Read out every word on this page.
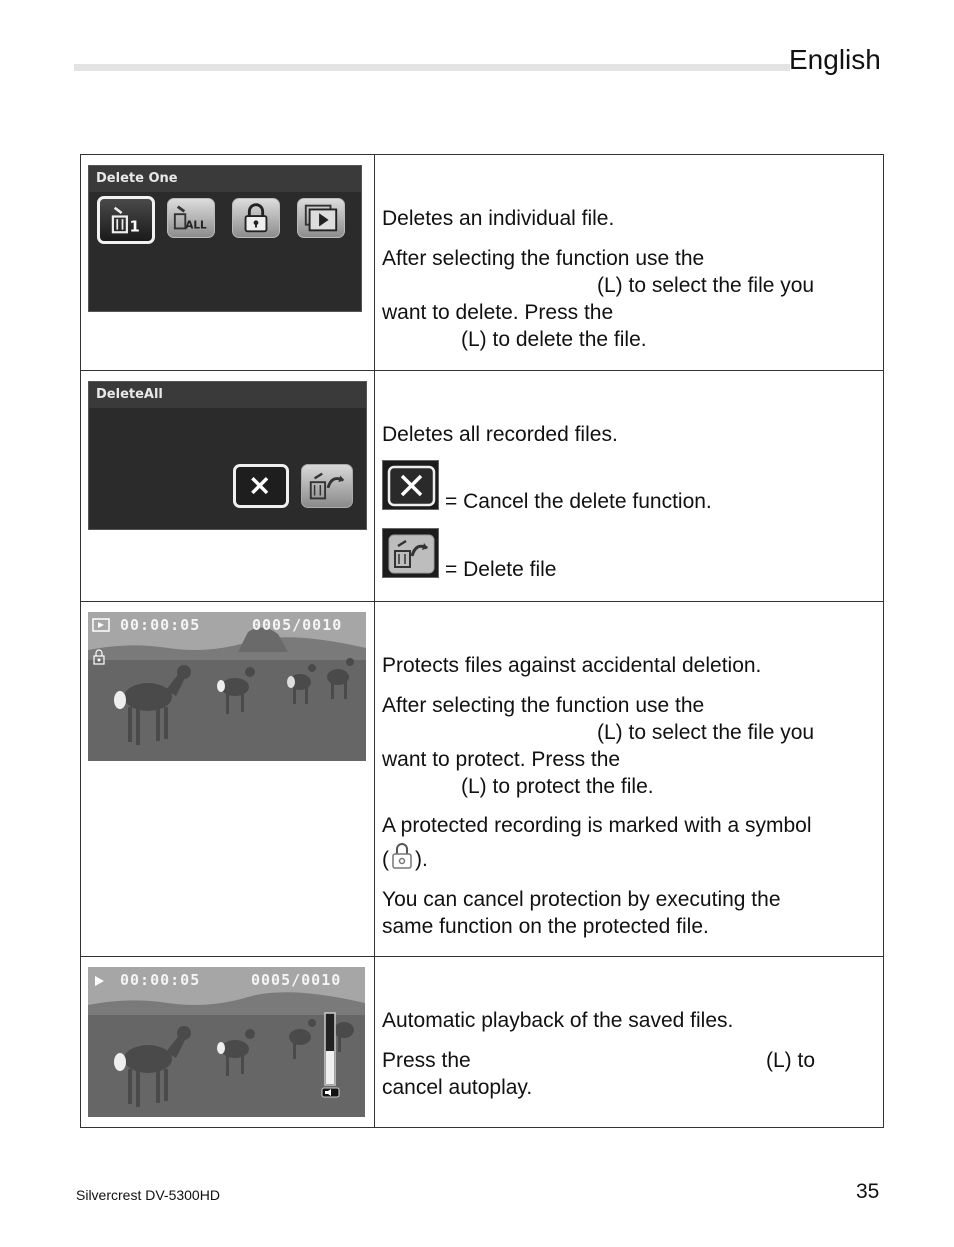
English
Delete One
1	ALL	Deletes an individual file.

After selecting the function use the

(L) to select the file you

want to delete. Press the

(L) to delete the file.

DeleteAll

Deletes all recorded files.

= Cancel the delete function.
= Delete file
00:00:05	0005/0010

Protects files against accidental deletion.

After selecting the function use the

(L) to select the file you

want to protect. Press the

(L) to protect the file.

A protected recording is marked with a symbol

( ).

You can cancel protection by executing the

same function on the protected file.

00:00:05	0005/0010

Automatic playback of the saved files.

Press the	(L) to

cancel autoplay.

Silvercrest DV-5300HD	35
